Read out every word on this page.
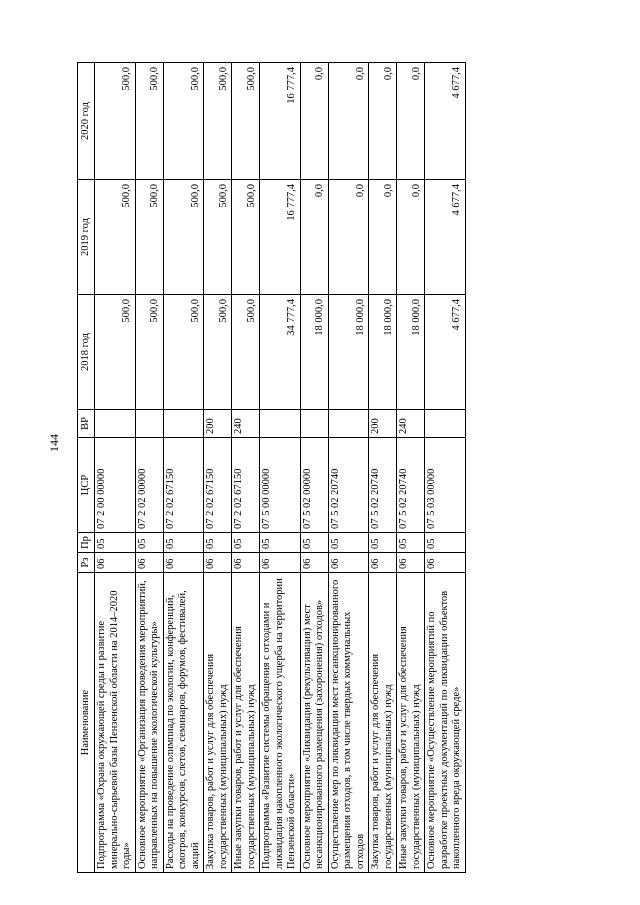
144
Наименование	Рз	Пр	ЦСР	ВР	2018 год	2019 год	2020 год
Подпрограмма «Охрана окружающей среды и развитие минерально-сырьевой базы Пензенской области на 2014–2020 годы»	06	05	07 2 00 00000		500,0	500,0	500,0
Основное мероприятие «Организация проведения мероприятий, направленных на повышение экологической культуры»	06	05	07 2 02 00000		500,0	500,0	500,0
Расходы на проведение олимпиад по экологии, конференций, смотров, конкурсов, слетов, семинаров, форумов, фестивалей, акций	06	05	07 2 02 67150		500,0	500,0	500,0
Закупка товаров, работ и услуг для обеспечения государственных (муниципальных) нужд	06	05	07 2 02 67150	200	500,0	500,0	500,0
Иные закупки товаров, работ и услуг для обеспечения государственных (муниципальных) нужд	06	05	07 2 02 67150	240	500,0	500,0	500,0
Подпрограмма «Развитие системы обращения с отходами и ликвидация накопленного экологического ущерба на территории Пензенской области»	06	05	07 5 00 00000		34 777,4	16 777,4	16 777,4
Основное мероприятие «Ликвидация (рекультивация) мест несанкционированного размещения (захоронения) отходов»	06	05	07 5 02 00000		18 000,0	0,0	0,0
Осуществление мер по ликвидации мест несанкционированного размещения отходов, в том числе твердых коммунальных отходов	06	05	07 5 02 20740		18 000,0	0,0	0,0
Закупка товаров, работ и услуг для обеспечения государственных (муниципальных) нужд	06	05	07 5 02 20740	200	18 000,0	0,0	0,0
Иные закупки товаров, работ и услуг для обеспечения государственных (муниципальных) нужд	06	05	07 5 02 20740	240	18 000,0	0,0	0,0
Основное мероприятие «Осуществление мероприятий по разработке проектных документаций по ликвидации объектов накопленного вреда окружающей среде»	06	05	07 5 03 00000		4 677,4	4 677,4	4 677,4
